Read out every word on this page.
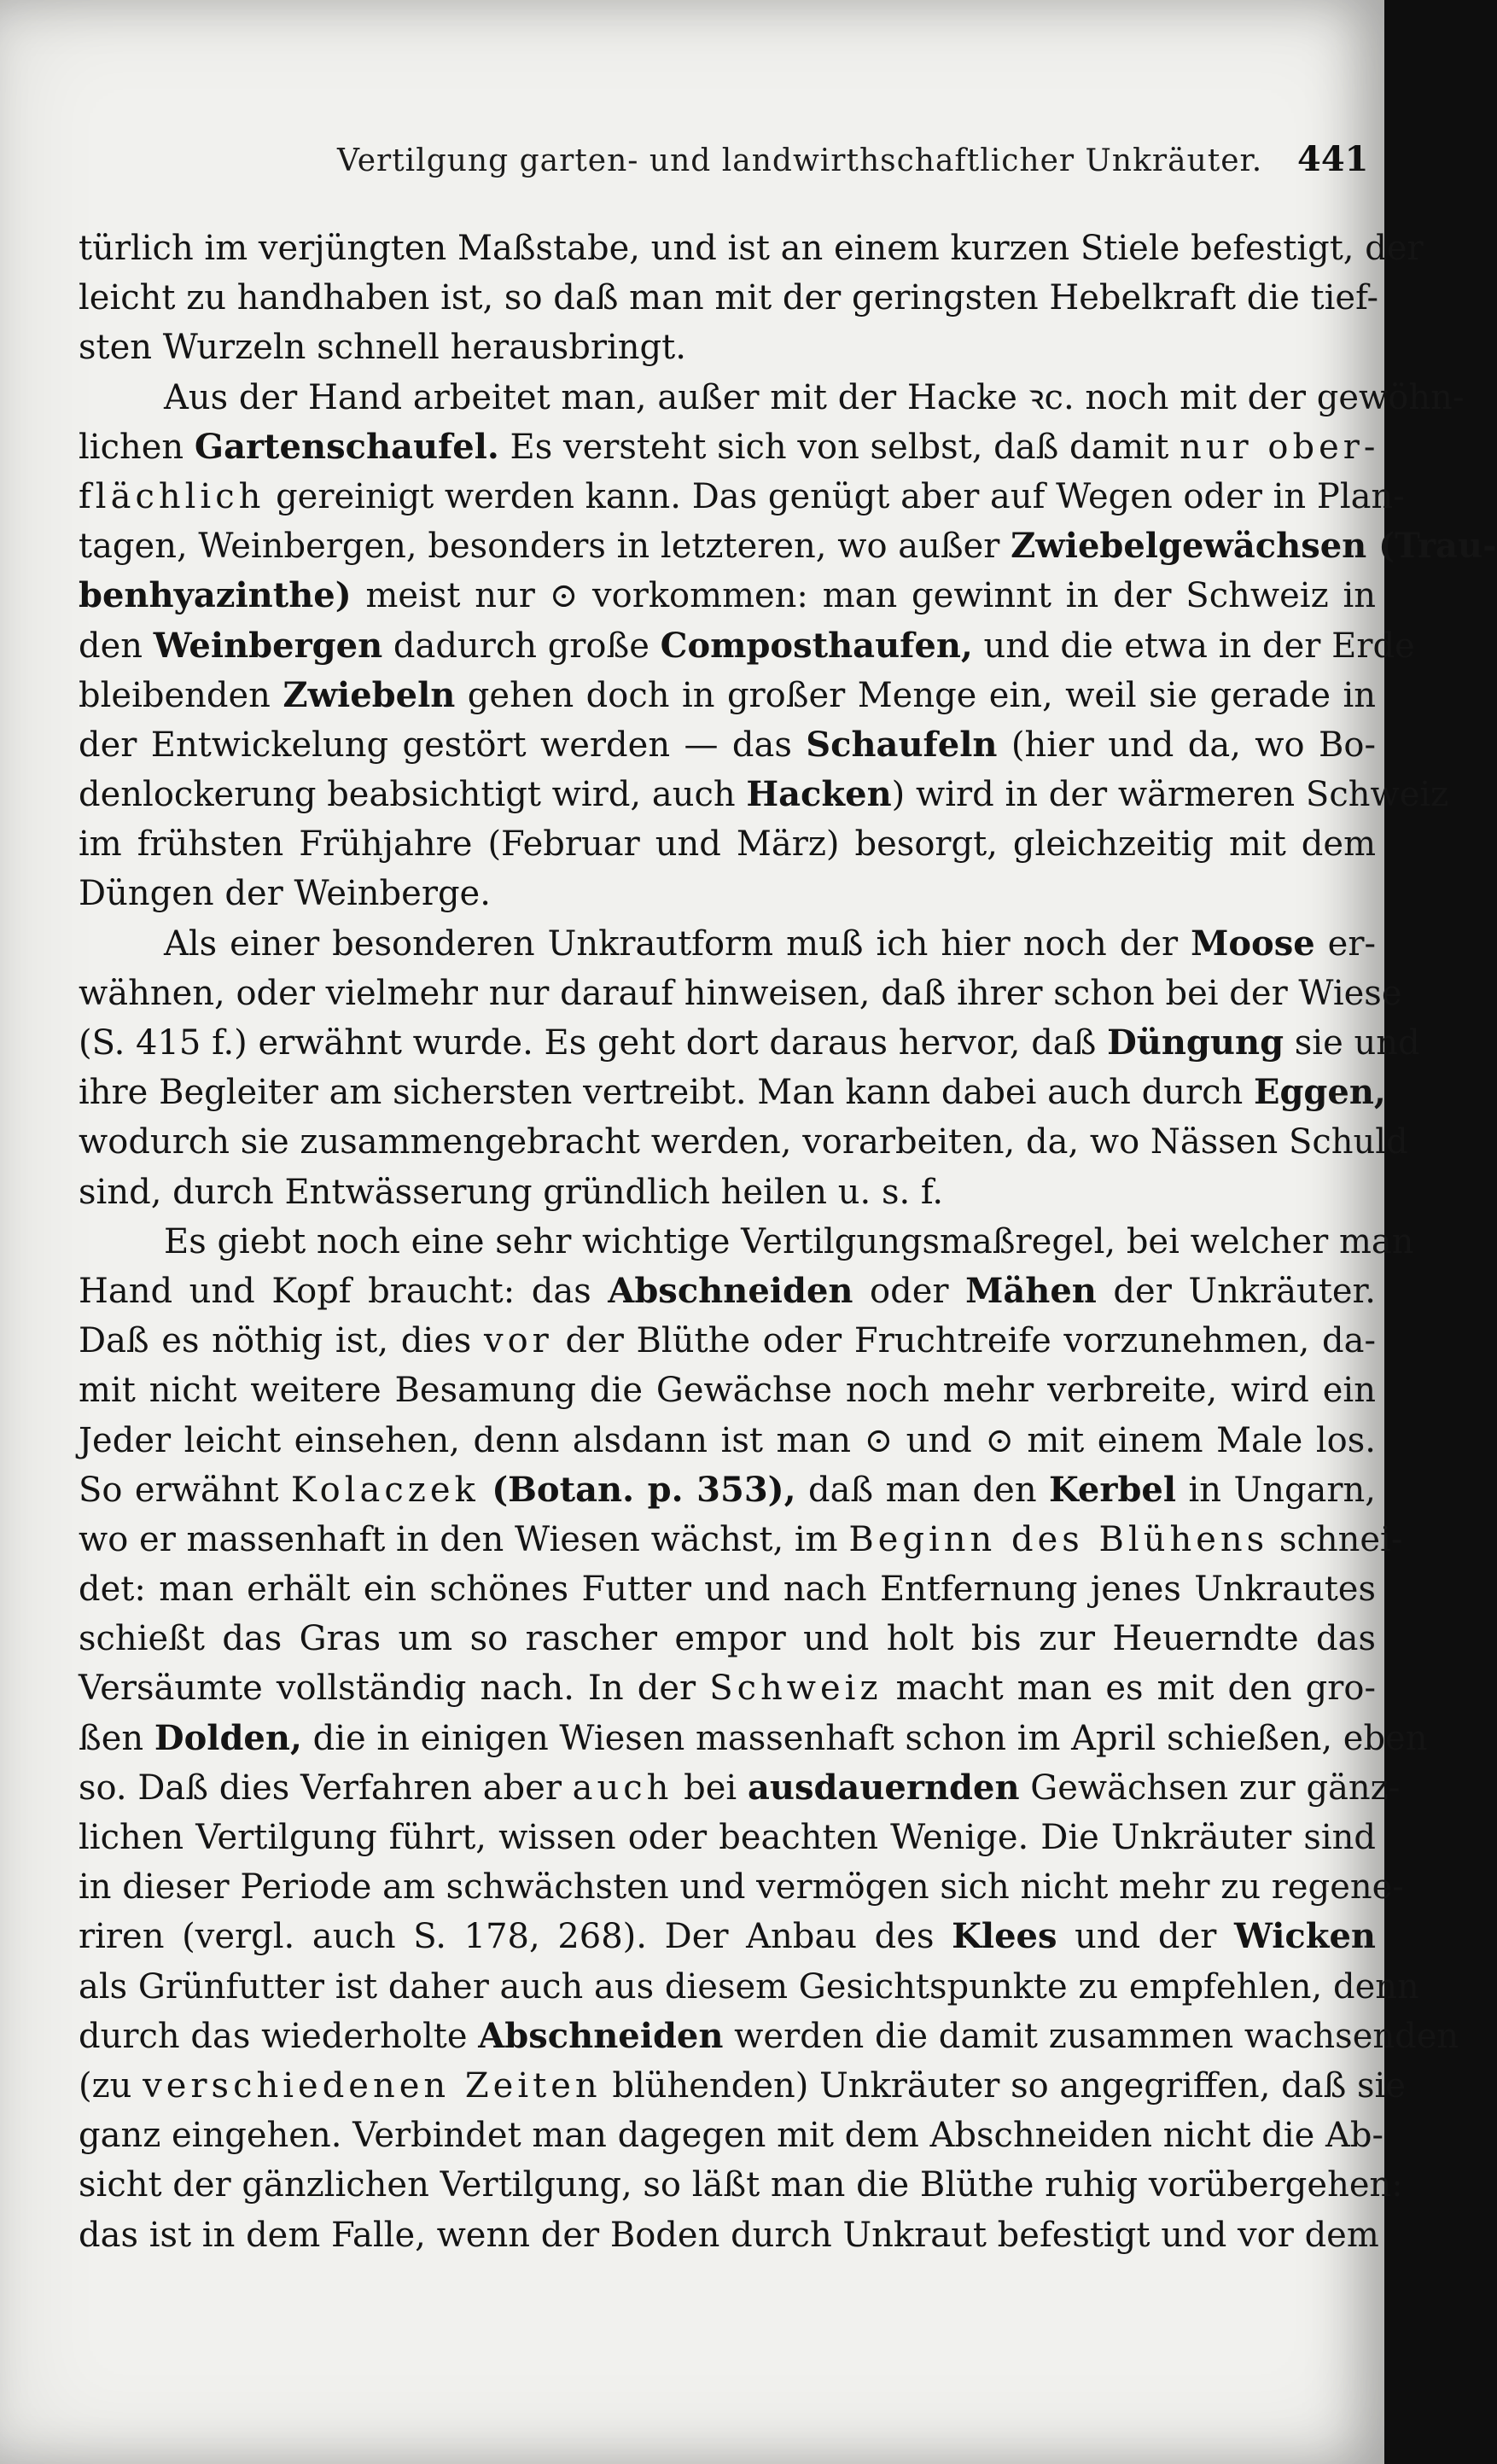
Vertilgung garten- und landwirthschaftlicher Unkräuter. 441
türlich im verjüngten Maßstabe, und ist an einem kurzen Stiele befestigt, der
leicht zu handhaben ist, so daß man mit der geringsten Hebelkraft die tief-
sten Wurzeln schnell herausbringt.
Aus der Hand arbeitet man, außer mit der Hacke ꝛc. noch mit der gewöhn-
lichen Gartenschaufel. Es versteht sich von selbst, daß damit nur ober-
flächlich gereinigt werden kann. Das genügt aber auf Wegen oder in Plan-
tagen, Weinbergen, besonders in letzteren, wo außer Zwiebelgewächsen (Trau-
benhyazinthe) meist nur ⊙ vorkommen: man gewinnt in der Schweiz in
den Weinbergen dadurch große Composthaufen, und die etwa in der Erde
bleibenden Zwiebeln gehen doch in großer Menge ein, weil sie gerade in
der Entwickelung gestört werden — das Schaufeln (hier und da, wo Bo-
denlockerung beabsichtigt wird, auch Hacken) wird in der wärmeren Schweiz
im frühsten Frühjahre (Februar und März) besorgt, gleichzeitig mit dem
Düngen der Weinberge.
Als einer besonderen Unkrautform muß ich hier noch der Moose er-
wähnen, oder vielmehr nur darauf hinweisen, daß ihrer schon bei der Wiese
(S. 415 f.) erwähnt wurde. Es geht dort daraus hervor, daß Düngung sie und
ihre Begleiter am sichersten vertreibt. Man kann dabei auch durch Eggen,
wodurch sie zusammengebracht werden, vorarbeiten, da, wo Nässen Schuld
sind, durch Entwässerung gründlich heilen u. s. f.
Es giebt noch eine sehr wichtige Vertilgungsmaßregel, bei welcher man
Hand und Kopf braucht: das Abschneiden oder Mähen der Unkräuter.
Daß es nöthig ist, dies vor der Blüthe oder Fruchtreife vorzunehmen, da-
mit nicht weitere Besamung die Gewächse noch mehr verbreite, wird ein
Jeder leicht einsehen, denn alsdann ist man ⊙ und ⊙ mit einem Male los.
So erwähnt Kolaczek (Botan. p. 353), daß man den Kerbel in Ungarn,
wo er massenhaft in den Wiesen wächst, im Beginn des Blühens schnei-
det: man erhält ein schönes Futter und nach Entfernung jenes Unkrautes
schießt das Gras um so rascher empor und holt bis zur Heuerndte das
Versäumte vollständig nach. In der Schweiz macht man es mit den gro-
ßen Dolden, die in einigen Wiesen massenhaft schon im April schießen, eben
so. Daß dies Verfahren aber auch bei ausdauernden Gewächsen zur gänz-
lichen Vertilgung führt, wissen oder beachten Wenige. Die Unkräuter sind
in dieser Periode am schwächsten und vermögen sich nicht mehr zu regene-
riren (vergl. auch S. 178, 268). Der Anbau des Klees und der Wicken
als Grünfutter ist daher auch aus diesem Gesichtspunkte zu empfehlen, denn
durch das wiederholte Abschneiden werden die damit zusammen wachsenden
(zu verschiedenen Zeiten blühenden) Unkräuter so angegriffen, daß sie
ganz eingehen. Verbindet man dagegen mit dem Abschneiden nicht die Ab-
sicht der gänzlichen Vertilgung, so läßt man die Blüthe ruhig vorübergehen:
das ist in dem Falle, wenn der Boden durch Unkraut befestigt und vor dem
